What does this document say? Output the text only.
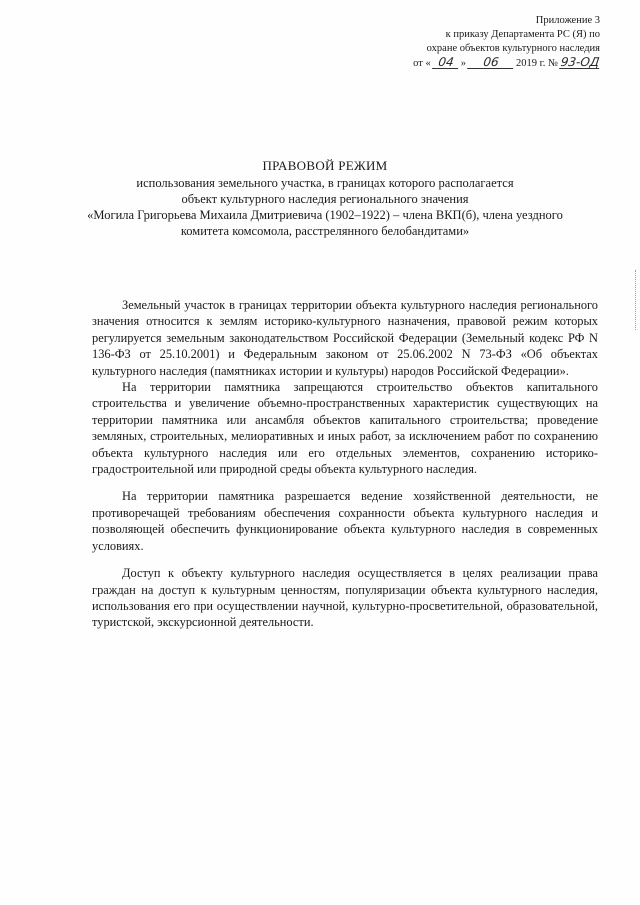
Приложение 3
к приказу Департамента РС (Я) по
охране объектов культурного наследия
от « 04 »	06	2019 г. № 93-ОД
ПРАВОВОЙ РЕЖИМ
использования земельного участка, в границах которого располагается
объект культурного наследия регионального значения
«Могила Григорьева Михаила Дмитриевича (1902–1922) – члена ВКП(б), члена уездного
комитета комсомола, расстрелянного белобандитами»

Земельный участок в границах территории объекта культурного наследия регионального значения относится к землям историко-культурного назначения, правовой режим которых регулируется земельным законодательством Российской Федерации (Земельный кодекс РФ N 136-ФЗ от 25.10.2001) и Федеральным законом от 25.06.2002 N 73-ФЗ «Об объектах культурного наследия (памятниках истории и культуры) народов Российской Федерации».

На территории памятника запрещаются строительство объектов капитального строительства и увеличение объемно-пространственных характеристик существующих на территории памятника или ансамбля объектов капитального строительства; проведение земляных, строительных, мелиоративных и иных работ, за исключением работ по сохранению объекта культурного наследия или его отдельных элементов, сохранению историко-градостроительной или природной среды объекта культурного наследия.

На территории памятника разрешается ведение хозяйственной деятельности, не противоречащей требованиям обеспечения сохранности объекта культурного наследия и позволяющей обеспечить функционирование объекта культурного наследия в современных условиях.

Доступ к объекту культурного наследия осуществляется в целях реализации права граждан на доступ к культурным ценностям, популяризации объекта культурного наследия, использования его при осуществлении научной, культурно-просветительной, образовательной, туристской, экскурсионной деятельности.
